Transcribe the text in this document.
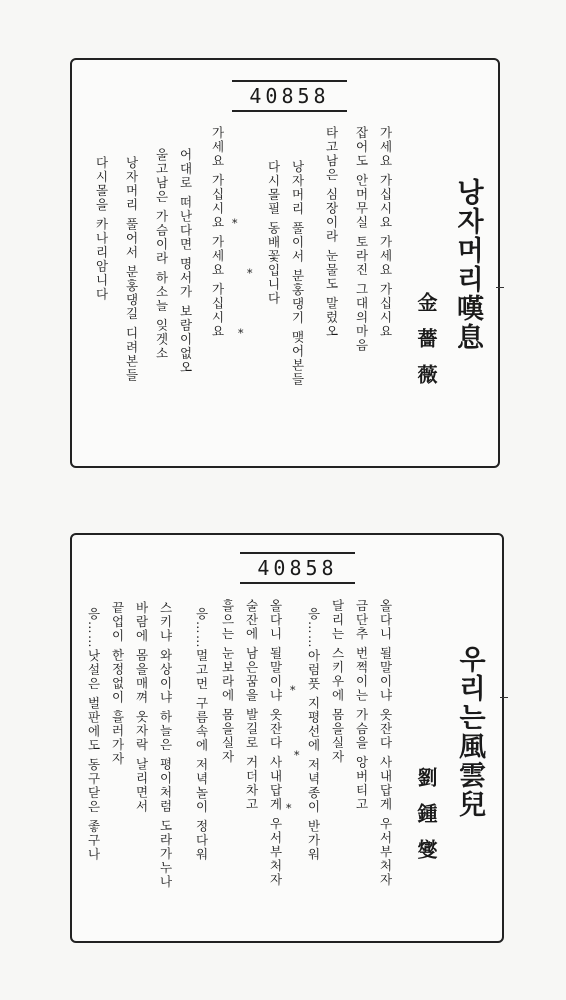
40858
낭자머리嘆息
金薔薇
가세요 가십시요 가세요 가십시요
잡어도 안머무실 토라진 그대의마음
타고남은 심장이라 눈물도 말렀오
낭자머리 풀이서 분홍댕기 맺어본들
다시몰필 동배꽃입니다
*
*
*
가세요 가십시요 가세요 가십시요
어대로 떠난다면 명서가 보람이없오
울고남은 가슴이라 하소늘 잊겟소
낭자머리 풀어서 분홍댕길 디려본들
다시몰을 카나리암니다
40858
우리는風雲兒
劉鍾燮
올다니 될말이냐 옷잔다 사내답게 우서부처자
금단추 번쩍이는 가슴을 앙버티고
달리는 스키우에 몸을실자
응……아럼풋 지평선에 저녁종이 반가워
*
*
*
올다니 될말이냐 옷잔다 사내답게 우서부처자
술잔에 남은꿈을 발길로 거더차고
흘으는 눈보라에 몸을실자
응……멀고먼 구름속에 저녁놀이 정다워
스키냐 와상이냐 하늘은 평이처럼 도라가누나
바람에 몸을매껴 옷자락 날리면서
끝업이 한정없이 흘러가자
응……낫설은 벌판에도 동구닫은 좋구나
